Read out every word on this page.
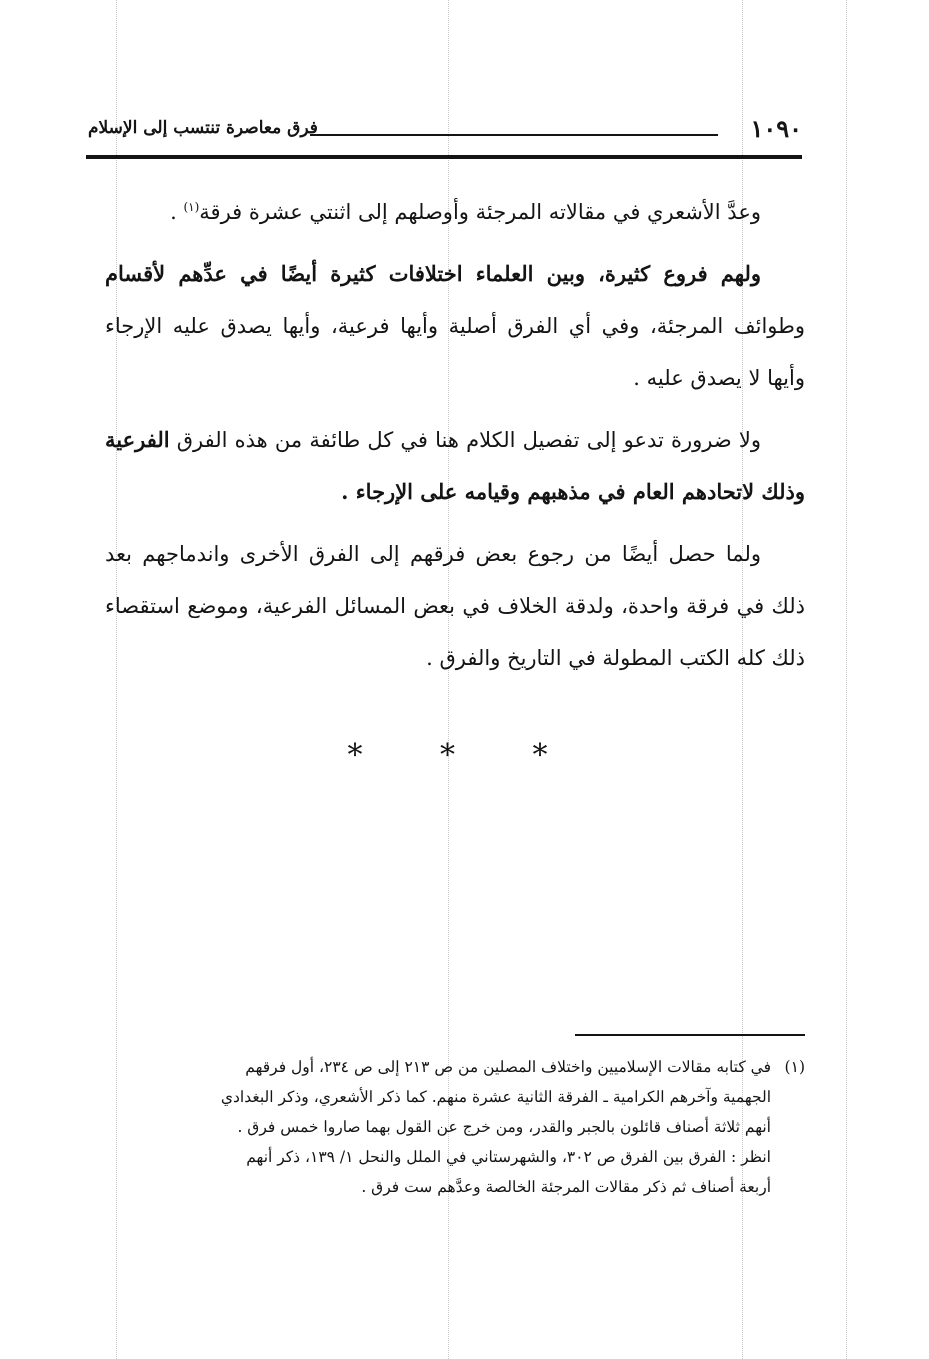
١٠٩٠
فرق معاصرة تنتسب إلى الإسلام

وعدَّ الأشعري في مقالاته المرجئة وأوصلهم إلى اثنتي عشرة فرقة$^{(١)}$ .

ولهم فروع كثيرة، وبين العلماء اختلافات كثيرة أيضًا في عدِّهم لأقسام وطوائف المرجئة، وفي أي الفرق أصلية وأيها فرعية، وأيها يصدق عليه الإرجاء وأيها لا يصدق عليه .

ولا ضرورة تدعو إلى تفصيل الكلام هنا في كل طائفة من هذه الفرق الفرعية وذلك لاتحادهم العام في مذهبهم وقيامه على الإرجاء .

ولما حصل أيضًا من رجوع بعض فرقهم إلى الفرق الأخرى واندماجهم بعد ذلك في فرقة واحدة، ولدقة الخلاف في بعض المسائل الفرعية، وموضع استقصاء ذلك كله الكتب المطولة في التاريخ والفرق .

* * *
(١)في كتابه مقالات الإسلاميين واختلاف المصلين من ص ٢١٣ إلى ص ٢٣٤، أول فرقهم
الجهمية وآخرهم الكرامية ـ الفرقة الثانية عشرة منهم. كما ذكر الأشعري، وذكر البغدادي
أنهم ثلاثة أصناف قائلون بالجبر والقدر، ومن خرج عن القول بهما صاروا خمس فرق .
انظر : الفرق بين الفرق ص ٣٠٢، والشهرستاني في الملل والنحل ١/ ١٣٩، ذكر أنهم
أربعة أصناف ثم ذكر مقالات المرجئة الخالصة وعدَّهم ست فرق .
